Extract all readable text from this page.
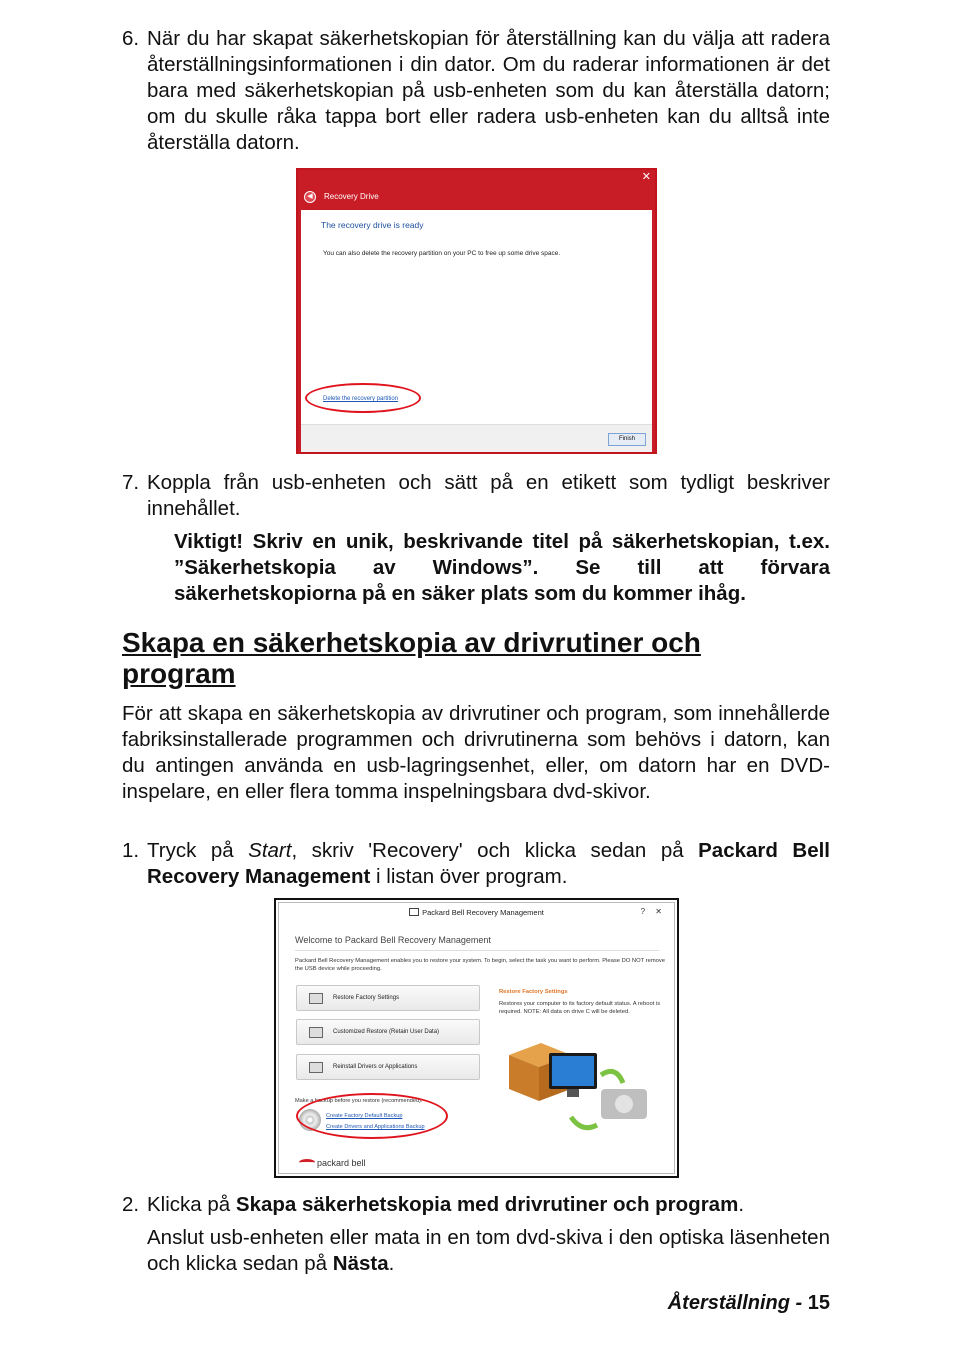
6. När du har skapat säkerhetskopian för återställning kan du välja att radera återställningsinformationen i din dator. Om du raderar informationen är det bara med säkerhetskopian på usb-enheten som du kan återställa datorn; om du skulle råka tappa bort eller radera usb-enheten kan du alltså inte återställa datorn.
✕
◀	Recovery Drive
The recovery drive is ready
You can also delete the recovery partition on your PC to free up some drive space.
Delete the recovery partition
Finish
7. Koppla från usb-enheten och sätt på en etikett som tydligt beskriver innehållet.
Viktigt! Skriv en unik, beskrivande titel på säkerhetskopian, t.ex. ”Säkerhetskopia av Windows”. Se till att förvara säkerhetskopiorna på en säker plats som du kommer ihåg.
Skapa en säkerhetskopia av drivrutiner och program
För att skapa en säkerhetskopia av drivrutiner och program, som innehållerde fabriksinstallerade programmen och drivrutinerna som behövs i datorn, kan du antingen använda en usb-lagringsenhet, eller, om datorn har en DVD-inspelare, en eller flera tomma inspelningsbara dvd-skivor.
1. Tryck på Start, skriv 'Recovery' och klicka sedan på Packard Bell Recovery Management i listan över program.
Packard Bell Recovery Management	? ✕
Welcome to Packard Bell Recovery Management
Packard Bell Recovery Management enables you to restore your system. To begin, select the task you want to perform. Please DO NOT remove the USB device while proceeding.
Restore Factory Settings
Customized Restore (Retain User Data)
Reinstall Drivers or Applications
Restore Factory Settings
Restores your computer to its factory default status. A reboot is required. NOTE: All data on drive C will be deleted.
Make a backup before you restore (recommended).
Create Factory Default Backup
Create Drivers and Applications Backup
packard bell
2. Klicka på Skapa säkerhetskopia med drivrutiner och program.
Anslut usb-enheten eller mata in en tom dvd-skiva i den optiska läsenheten och klicka sedan på Nästa.
Återställning - 15
